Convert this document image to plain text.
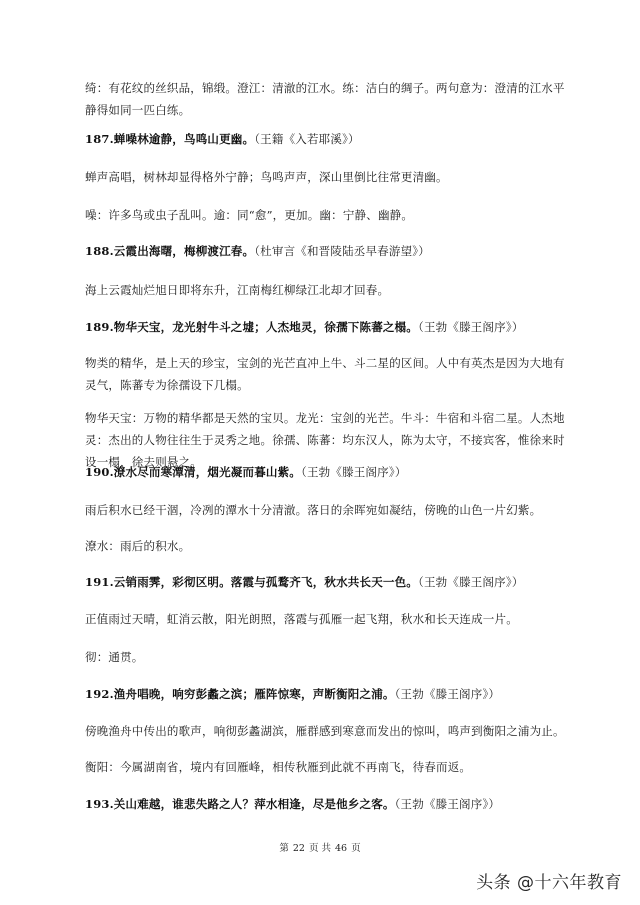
绮：有花纹的丝织品，锦缎。澄江：清澈的江水。练：洁白的绸子。两句意为：澄清的江水平静得如同一匹白练。
187.蝉噪林逾静，鸟鸣山更幽。（王籍《入若耶溪》）
蝉声高唱，树林却显得格外宁静；鸟鸣声声，深山里倒比往常更清幽。
噪：许多鸟或虫子乱叫。逾：同“愈”，更加。幽：宁静、幽静。
188.云霞出海曙，梅柳渡江春。（杜审言《和晋陵陆丞早春游望》）
海上云霞灿烂旭日即将东升，江南梅红柳绿江北却才回春。
189.物华天宝，龙光射牛斗之墟；人杰地灵，徐孺下陈蕃之榻。（王勃《滕王阁序》）
物类的精华，是上天的珍宝，宝剑的光芒直冲上牛、斗二星的区间。人中有英杰是因为大地有灵气，陈蕃专为徐孺设下几榻。
物华天宝：万物的精华都是天然的宝贝。龙光：宝剑的光芒。牛斗：牛宿和斗宿二星。人杰地灵：杰出的人物往往生于灵秀之地。徐孺、陈蕃：均东汉人，陈为太守，不接宾客，惟徐来时设一榻，徐去则悬之。
190.潦水尽而寒潭清，烟光凝而暮山紫。（王勃《滕王阁序》）
雨后积水已经干涸，冷冽的潭水十分清澈。落日的余晖宛如凝结，傍晚的山色一片幻紫。
潦水：雨后的积水。
191.云销雨霁，彩彻区明。落霞与孤鹜齐飞，秋水共长天一色。（王勃《滕王阁序》）
正值雨过天晴，虹消云散，阳光朗照，落霞与孤雁一起飞翔，秋水和长天连成一片。
彻：通贯。
192.渔舟唱晚，响穷彭蠡之滨；雁阵惊寒，声断衡阳之浦。（王勃《滕王阁序》）
傍晚渔舟中传出的歌声，响彻彭蠡湖滨，雁群感到寒意而发出的惊叫，鸣声到衡阳之浦为止。
衡阳：今属湖南省，境内有回雁峰，相传秋雁到此就不再南飞，待春而返。
193.关山难越，谁悲失路之人？萍水相逢，尽是他乡之客。（王勃《滕王阁序》）
第 22 页 共 46 页
头条 @十六年教育
